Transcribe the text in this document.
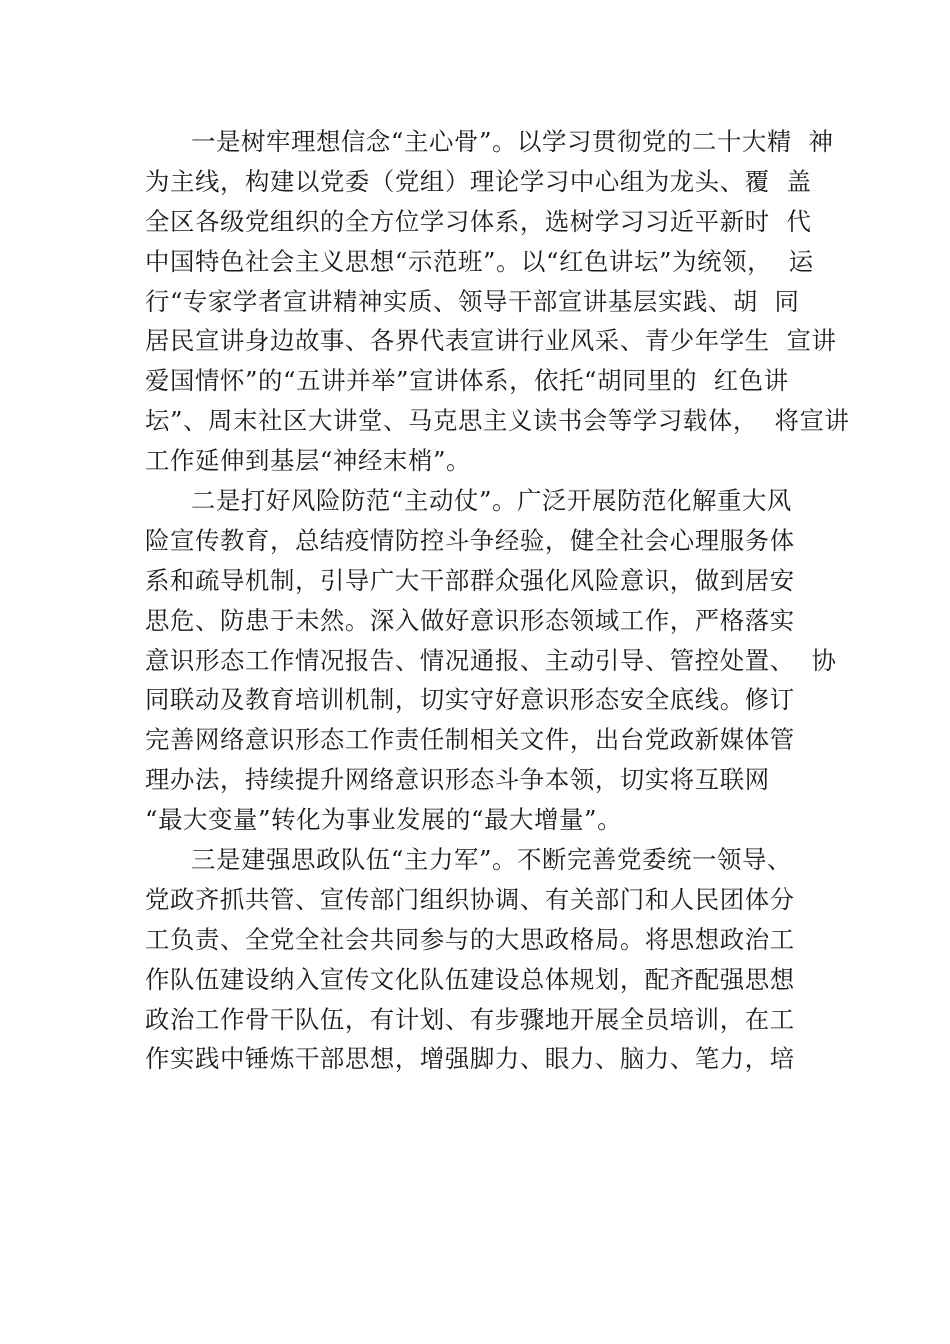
一是树牢理想信念“主心骨”。以学习贯彻党的二十大精  神
为主线，构建以党委（党组）理论学习中心组为龙头、覆  盖
全区各级党组织的全方位学习体系，选树学习习近平新时  代
中国特色社会主义思想“示范班”。以“红色讲坛”为统领，  运
行“专家学者宣讲精神实质、领导干部宣讲基层实践、胡  同
居民宣讲身边故事、各界代表宣讲行业风采、青少年学生  宣讲
爱国情怀”的“五讲并举”宣讲体系，依托“胡同里的  红色讲
坛”、周末社区大讲堂、马克思主义读书会等学习载体，  将宣讲
工作延伸到基层“神经末梢”。
二是打好风险防范“主动仗”。广泛开展防范化解重大风
险宣传教育，总结疫情防控斗争经验，健全社会心理服务体
系和疏导机制，引导广大干部群众强化风险意识，做到居安
思危、防患于未然。深入做好意识形态领域工作，严格落实
意识形态工作情况报告、情况通报、主动引导、管控处置、  协
同联动及教育培训机制，切实守好意识形态安全底线。修订
完善网络意识形态工作责任制相关文件，出台党政新媒体管
理办法，持续提升网络意识形态斗争本领，切实将互联网
“最大变量”转化为事业发展的“最大增量”。
三是建强思政队伍“主力军”。不断完善党委统一领导、
党政齐抓共管、宣传部门组织协调、有关部门和人民团体分
工负责、全党全社会共同参与的大思政格局。将思想政治工
作队伍建设纳入宣传文化队伍建设总体规划，配齐配强思想
政治工作骨干队伍，有计划、有步骤地开展全员培训，在工
作实践中锤炼干部思想，增强脚力、眼力、脑力、笔力，培
